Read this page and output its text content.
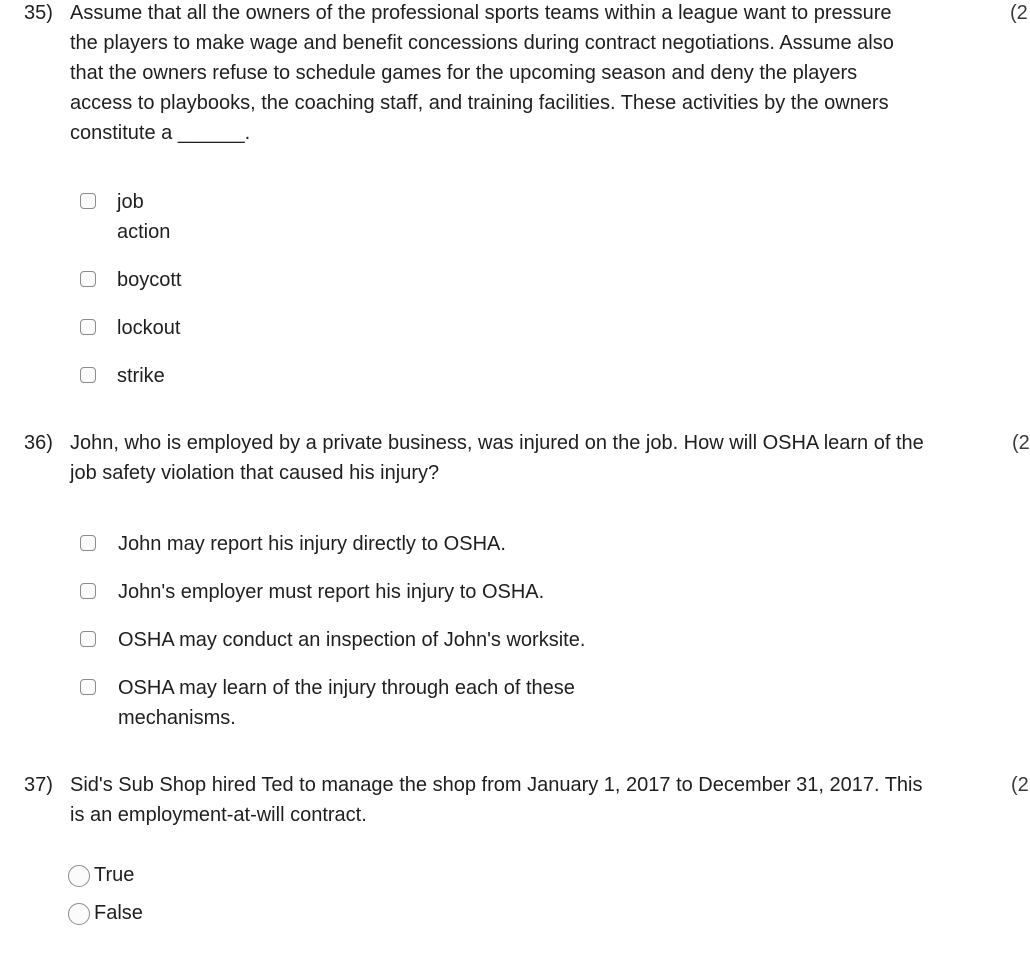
35) Assume that all the owners of the professional sports teams within a league want to pressure
the players to make wage and benefit concessions during contract negotiations. Assume also
that the owners refuse to schedule games for the upcoming season and deny the players
access to playbooks, the coaching staff, and training facilities. These activities by the owners
constitute a ______.
(2
job
action
boycott
lockout
strike
36) John, who is employed by a private business, was injured on the job. How will OSHA learn of the
job safety violation that caused his injury?
(2
John may report his injury directly to OSHA.
John's employer must report his injury to OSHA.
OSHA may conduct an inspection of John's worksite.
OSHA may learn of the injury through each of these
mechanisms.
37) Sid's Sub Shop hired Ted to manage the shop from January 1, 2017 to December 31, 2017. This
is an employment-at-will contract.
(2
True
False
